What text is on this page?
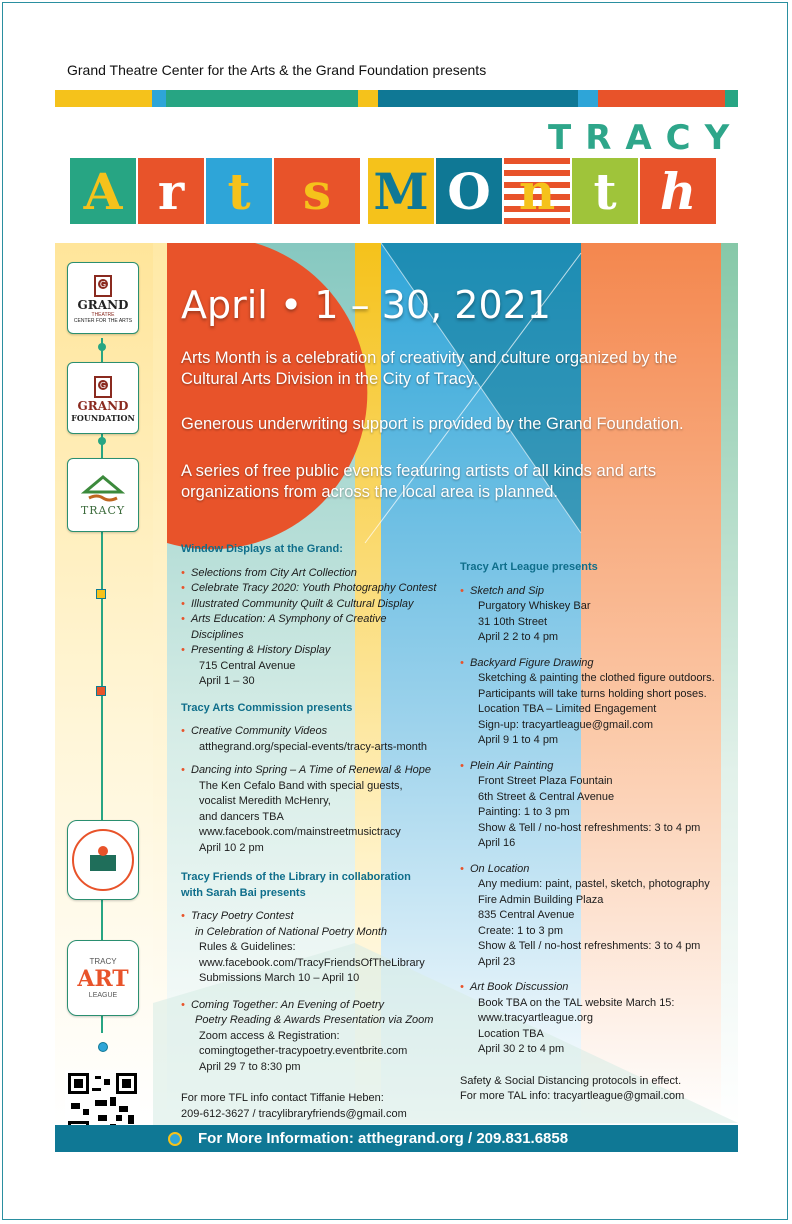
Grand Theatre Center for the Arts & the Grand Foundation presents
TRACY
A r t s M O n t h
G
GRAND
THEATRE
CENTER FOR THE ARTS
G
GRAND
FOUNDATION
TRACY
TRACY
ART
LEAGUE
April • 1 – 30, 2021
Arts Month is a celebration of creativity and culture organized by the Cultural Arts Division in the City of Tracy.
Generous underwriting support is provided by the Grand Foundation.
A series of free public events featuring artists of all kinds and arts organizations from across the local area is planned.
Window Displays at the Grand:
• Selections from City Art Collection
• Celebrate Tracy 2020: Youth Photography Contest
• Illustrated Community Quilt & Cultural Display
• Arts Education: A Symphony of Creative Disciplines
• Presenting & History Display
715 Central Avenue
April 1 – 30
Tracy Arts Commission presents
• Creative Community Videos
atthegrand.org/special-events/tracy-arts-month
• Dancing into Spring – A Time of Renewal & Hope
The Ken Cefalo Band with special guests,
vocalist Meredith McHenry,
and dancers TBA
www.facebook.com/mainstreetmusictracy
April 10 2 pm
Tracy Friends of the Library in collaboration
with Sarah Bai presents
• Tracy Poetry Contest
in Celebration of National Poetry Month
Rules & Guidelines:
www.facebook.com/TracyFriendsOfTheLibrary
Submissions March 10 – April 10
• Coming Together: An Evening of Poetry
Poetry Reading & Awards Presentation via Zoom
Zoom access & Registration:
comingtogether-tracypoetry.eventbrite.com
April 29 7 to 8:30 pm
For more TFL info contact Tiffanie Heben:
209-612-3627 / tracylibraryfriends@gmail.com
Tracy Art League presents
• Sketch and Sip
Purgatory Whiskey Bar
31 10th Street
April 2 2 to 4 pm
• Backyard Figure Drawing
Sketching & painting the clothed figure outdoors.
Participants will take turns holding short poses.
Location TBA – Limited Engagement
Sign-up: tracyartleague@gmail.com
April 9 1 to 4 pm
• Plein Air Painting
Front Street Plaza Fountain
6th Street & Central Avenue
Painting: 1 to 3 pm
Show & Tell / no-host refreshments: 3 to 4 pm
April 16
• On Location
Any medium: paint, pastel, sketch, photography
Fire Admin Building Plaza
835 Central Avenue
Create: 1 to 3 pm
Show & Tell / no-host refreshments: 3 to 4 pm
April 23
• Art Book Discussion
Book TBA on the TAL website March 15:
www.tracyartleague.org
Location TBA
April 30 2 to 4 pm
Safety & Social Distancing protocols in effect.
For more TAL info: tracyartleague@gmail.com
For More Information: atthegrand.org / 209.831.6858
